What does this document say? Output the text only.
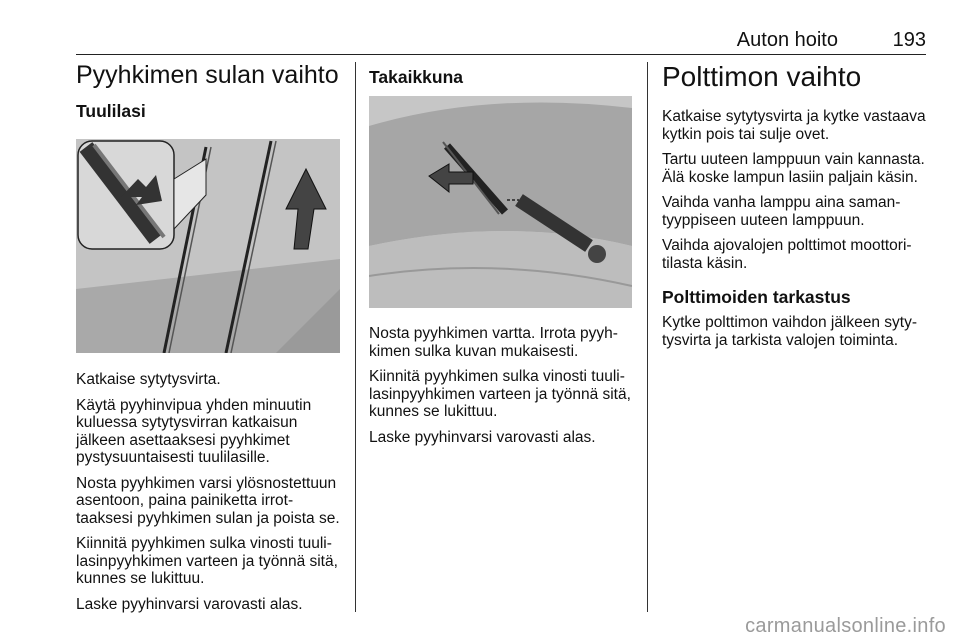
Auton hoito	193
Pyyhkimen sulan vaihto
Tuulilasi

Katkaise sytytysvirta.

Käytä pyyhinvipua yhden minuutin kuluessa sytytysvirran katkaisun jälkeen asettaaksesi pyyhkimet pystysuuntaisesti tuulilasille.

Nosta pyyhkimen varsi ylösnostettuun asentoon, paina painiketta irrottaaksesi pyyhkimen sulan ja poista se.

Kiinnitä pyyhkimen sulka vinosti tuulilasinpyyhkimen varteen ja työnnä sitä, kunnes se lukittuu.

Laske pyyhinvarsi varovasti alas.

Takaikkuna

Nosta pyyhkimen vartta. Irrota pyyhkimen sulka kuvan mukaisesti.

Kiinnitä pyyhkimen sulka vinosti tuulilasinpyyhkimen varteen ja työnnä sitä, kunnes se lukittuu.

Laske pyyhinvarsi varovasti alas.

Polttimon vaihto

Katkaise sytytysvirta ja kytke vastaava kytkin pois tai sulje ovet.

Tartu uuteen lamppuun vain kannasta. Älä koske lampun lasiin paljain käsin.

Vaihda vanha lamppu aina samantyyppiseen uuteen lamppuun.

Vaihda ajovalojen polttimot moottoritilasta käsin.

Polttimoiden tarkastus

Kytke polttimon vaihdon jälkeen sytytysvirta ja tarkista valojen toiminta.

carmanualsonline.info
